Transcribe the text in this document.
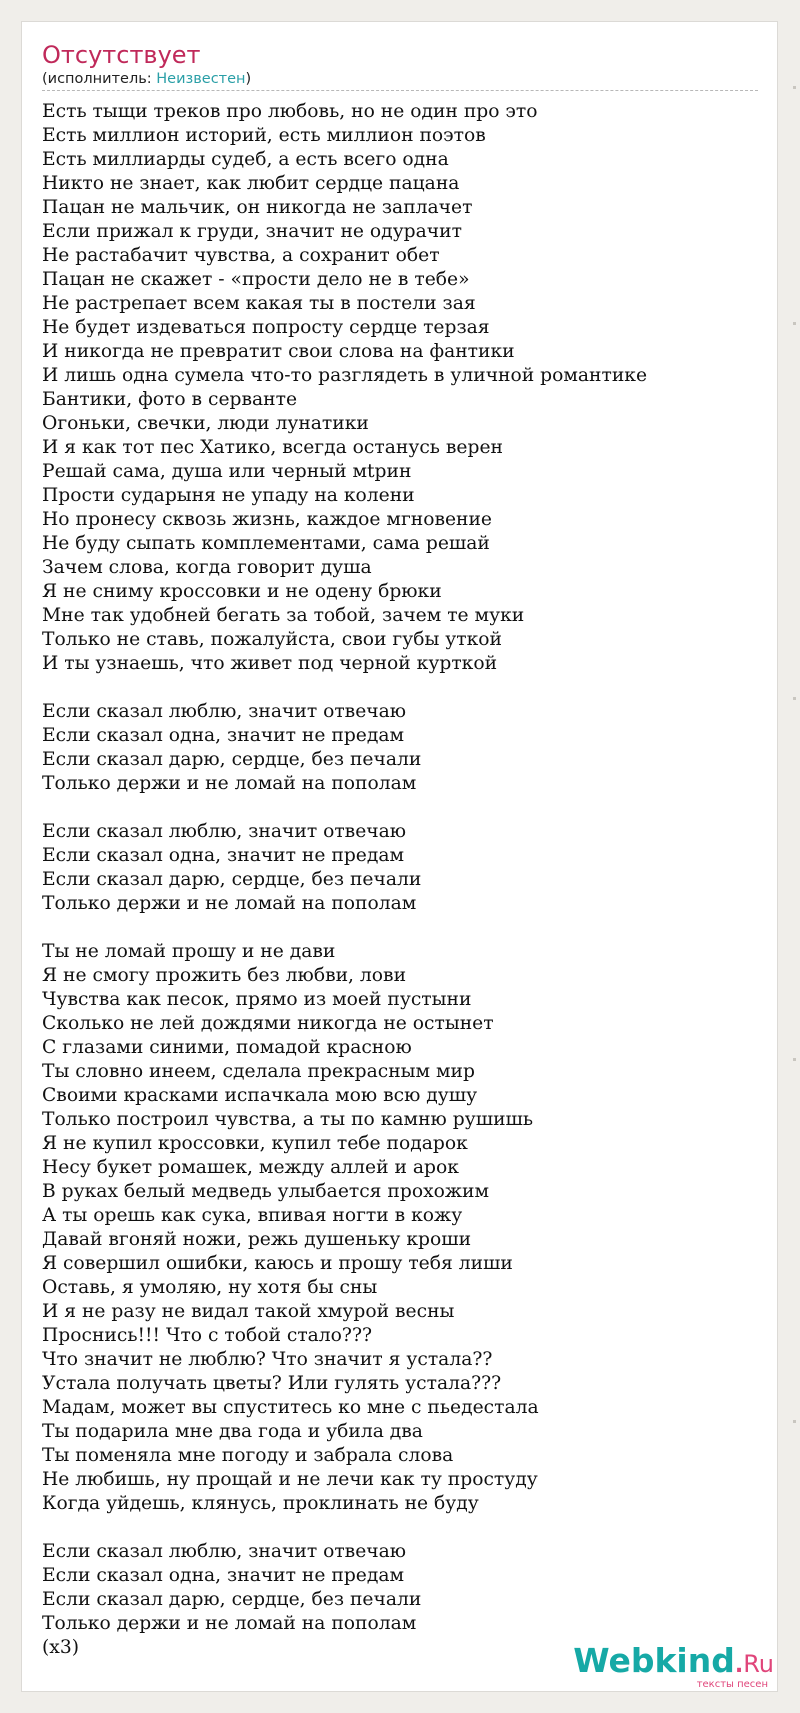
Отсутствует
(исполнитель: Неизвестен)
Есть тыщи треков про любовь, но не один про это
Есть миллион историй, есть миллион поэтов
Есть миллиарды судеб, а есть всего одна
Никто не знает, как любит сердце пацана
Пацан не мальчик, он никогда не заплачет
Если прижал к груди, значит не одурачит
Не растабачит чувства, а сохранит обет
Пацан не скажет - «прости дело не в тебе»
Не растрепает всем какая ты в постели зая
Не будет издеваться попросту сердце терзая
И никогда не превратит свои слова на фантики
И лишь одна сумела что-то разглядеть в уличной романтике
Бантики, фото в серванте
Огоньки, свечки, люди лунатики
И я как тот пес Хатико, всегда останусь верен
Решай сама, душа или черный мtрин
Прости сударыня не упаду на колени
Но пронесу сквозь жизнь, каждое мгновение
Не буду сыпать комплементами, сама решай
Зачем слова, когда говорит душа
Я не сниму кроссовки и не одену брюки
Мне так удобней бегать за тобой, зачем те муки
Только не ставь, пожалуйста, свои губы уткой
И ты узнаешь, что живет под черной курткой
Если сказал люблю, значит отвечаю
Если сказал одна, значит не предам
Если сказал дарю, сердце, без печали
Только держи и не ломай на пополам
Если сказал люблю, значит отвечаю
Если сказал одна, значит не предам
Если сказал дарю, сердце, без печали
Только держи и не ломай на пополам
Ты не ломай прошу и не дави
Я не смогу прожить без любви, лови
Чувства как песок, прямо из моей пустыни
Сколько не лей дождями никогда не остынет
С глазами синими, помадой красною
Ты словно инеем, сделала прекрасным мир
Своими красками испачкала мою всю душу
Только построил чувства, а ты по камню рушишь
Я не купил кроссовки, купил тебе подарок
Несу букет ромашек, между аллей и арок
В руках белый медведь улыбается прохожим
А ты орешь как сука, впивая ногти в кожу
Давай вгоняй ножи, режь душеньку кроши
Я совершил ошибки, каюсь и прошу тебя лиши
Оставь, я умоляю, ну хотя бы сны
И я не разу не видал такой хмурой весны
Проснись!!! Что с тобой стало???
Что значит не люблю? Что значит я устала??
Устала получать цветы? Или гулять устала???
Мадам, может вы спуститесь ко мне с пьедестала
Ты подарила мне два года и убила два
Ты поменяла мне погоду и забрала слова
Не любишь, ну прощай и не лечи как ту простуду
Когда уйдешь, клянусь, проклинать не буду
Если сказал люблю, значит отвечаю
Если сказал одна, значит не предам
Если сказал дарю, сердце, без печали
Только держи и не ломай на пополам
(x3)	Webkind.Ru
тексты песен
